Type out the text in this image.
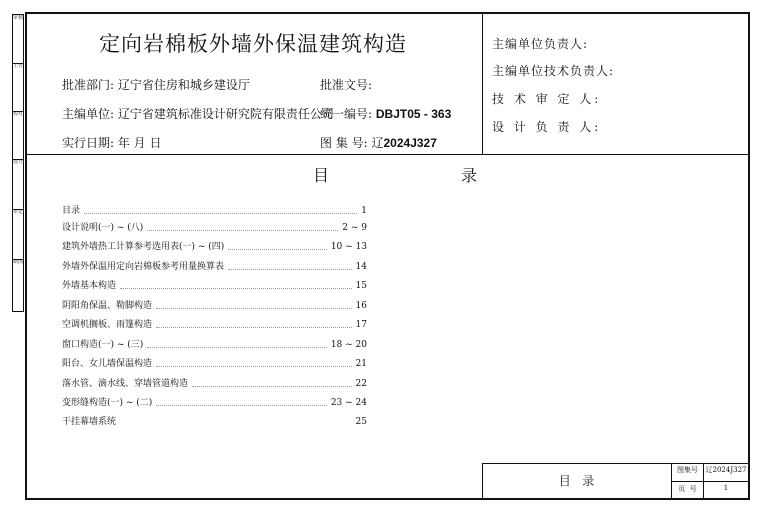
审核
主管
校对
设计
审定
制图
定向岩棉板外墙外保温建筑构造
批准部门: 辽宁省住房和城乡建设厅	批准文号:
主编单位: 辽宁省建筑标准设计研究院有限责任公司
统一编号: DBJT05 - 363
实行日期: 年 月 日	图 集 号: 辽2024J327
主编单位负责人:
主编单位技术负责人:
技 术 审 定 人:
设 计 负 责 人:
目	录
目录	1
设计说明(一) ~ (八)	2 ~ 9
建筑外墙热工计算参考选用表(一) ~ (四)	10 ~ 13
外墙外保温用定向岩棉板参考用量换算表	14
外墙基本构造	15
阴阳角保温、勒脚构造	16
空调机搁板、雨篷构造	17
窗口构造(一) ~ (三)	18 ~ 20
阳台、女儿墙保温构造	21
落水管、滴水线、穿墙管道构造	22
变形缝构造(一) ~ (二)	23 ~ 24
干挂幕墙系统	25
目   录
图集号	辽2024J327
页  号	1
